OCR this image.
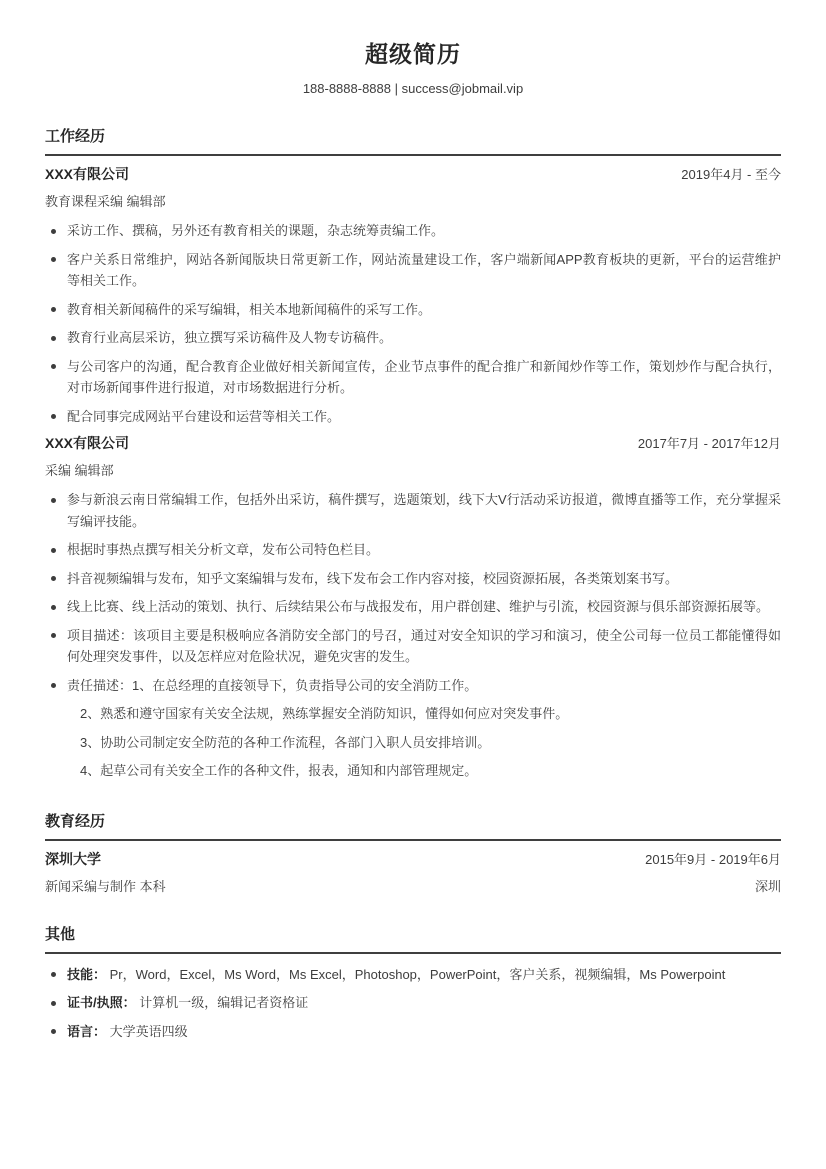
超级简历
188-8888-8888 | success@jobmail.vip
工作经历
XXX有限公司	2019年4月 - 至今
教育课程采编 编辑部
采访工作、撰稿，另外还有教育相关的课题，杂志统筹责编工作。
客户关系日常维护，网站各新闻版块日常更新工作，网站流量建设工作，客户端新闻APP教育板块的更新，平台的运营维护等相关工作。
教育相关新闻稿件的采写编辑，相关本地新闻稿件的采写工作。
教育行业高层采访，独立撰写采访稿件及人物专访稿件。
与公司客户的沟通，配合教育企业做好相关新闻宣传，企业节点事件的配合推广和新闻炒作等工作，策划炒作与配合执行，对市场新闻事件进行报道，对市场数据进行分析。
配合同事完成网站平台建设和运营等相关工作。
XXX有限公司	2017年7月 - 2017年12月
采编 编辑部
参与新浪云南日常编辑工作，包括外出采访，稿件撰写，选题策划，线下大V行活动采访报道，微博直播等工作，充分掌握采写编评技能。
根据时事热点撰写相关分析文章，发布公司特色栏目。
抖音视频编辑与发布，知乎文案编辑与发布，线下发布会工作内容对接，校园资源拓展，各类策划案书写。
线上比赛、线上活动的策划、执行、后续结果公布与战报发布，用户群创建、维护与引流，校园资源与俱乐部资源拓展等。
项目描述：该项目主要是积极响应各消防安全部门的号召，通过对安全知识的学习和演习，使全公司每一位员工都能懂得如何处理突发事件，以及怎样应对危险状况，避免灾害的发生。
责任描述：1、在总经理的直接领导下，负责指导公司的安全消防工作。
2、熟悉和遵守国家有关安全法规，熟练掌握安全消防知识，懂得如何应对突发事件。
3、协助公司制定安全防范的各种工作流程，各部门入职人员安排培训。
4、起草公司有关安全工作的各种文件，报表，通知和内部管理规定。
教育经历
深圳大学	2015年9月 - 2019年6月
新闻采编与制作 本科	深圳
其他
技能： Pr，Word，Excel，Ms Word，Ms Excel，Photoshop，PowerPoint，客户关系，视频编辑，Ms Powerpoint
证书/执照： 计算机一级，编辑记者资格证
语言： 大学英语四级
